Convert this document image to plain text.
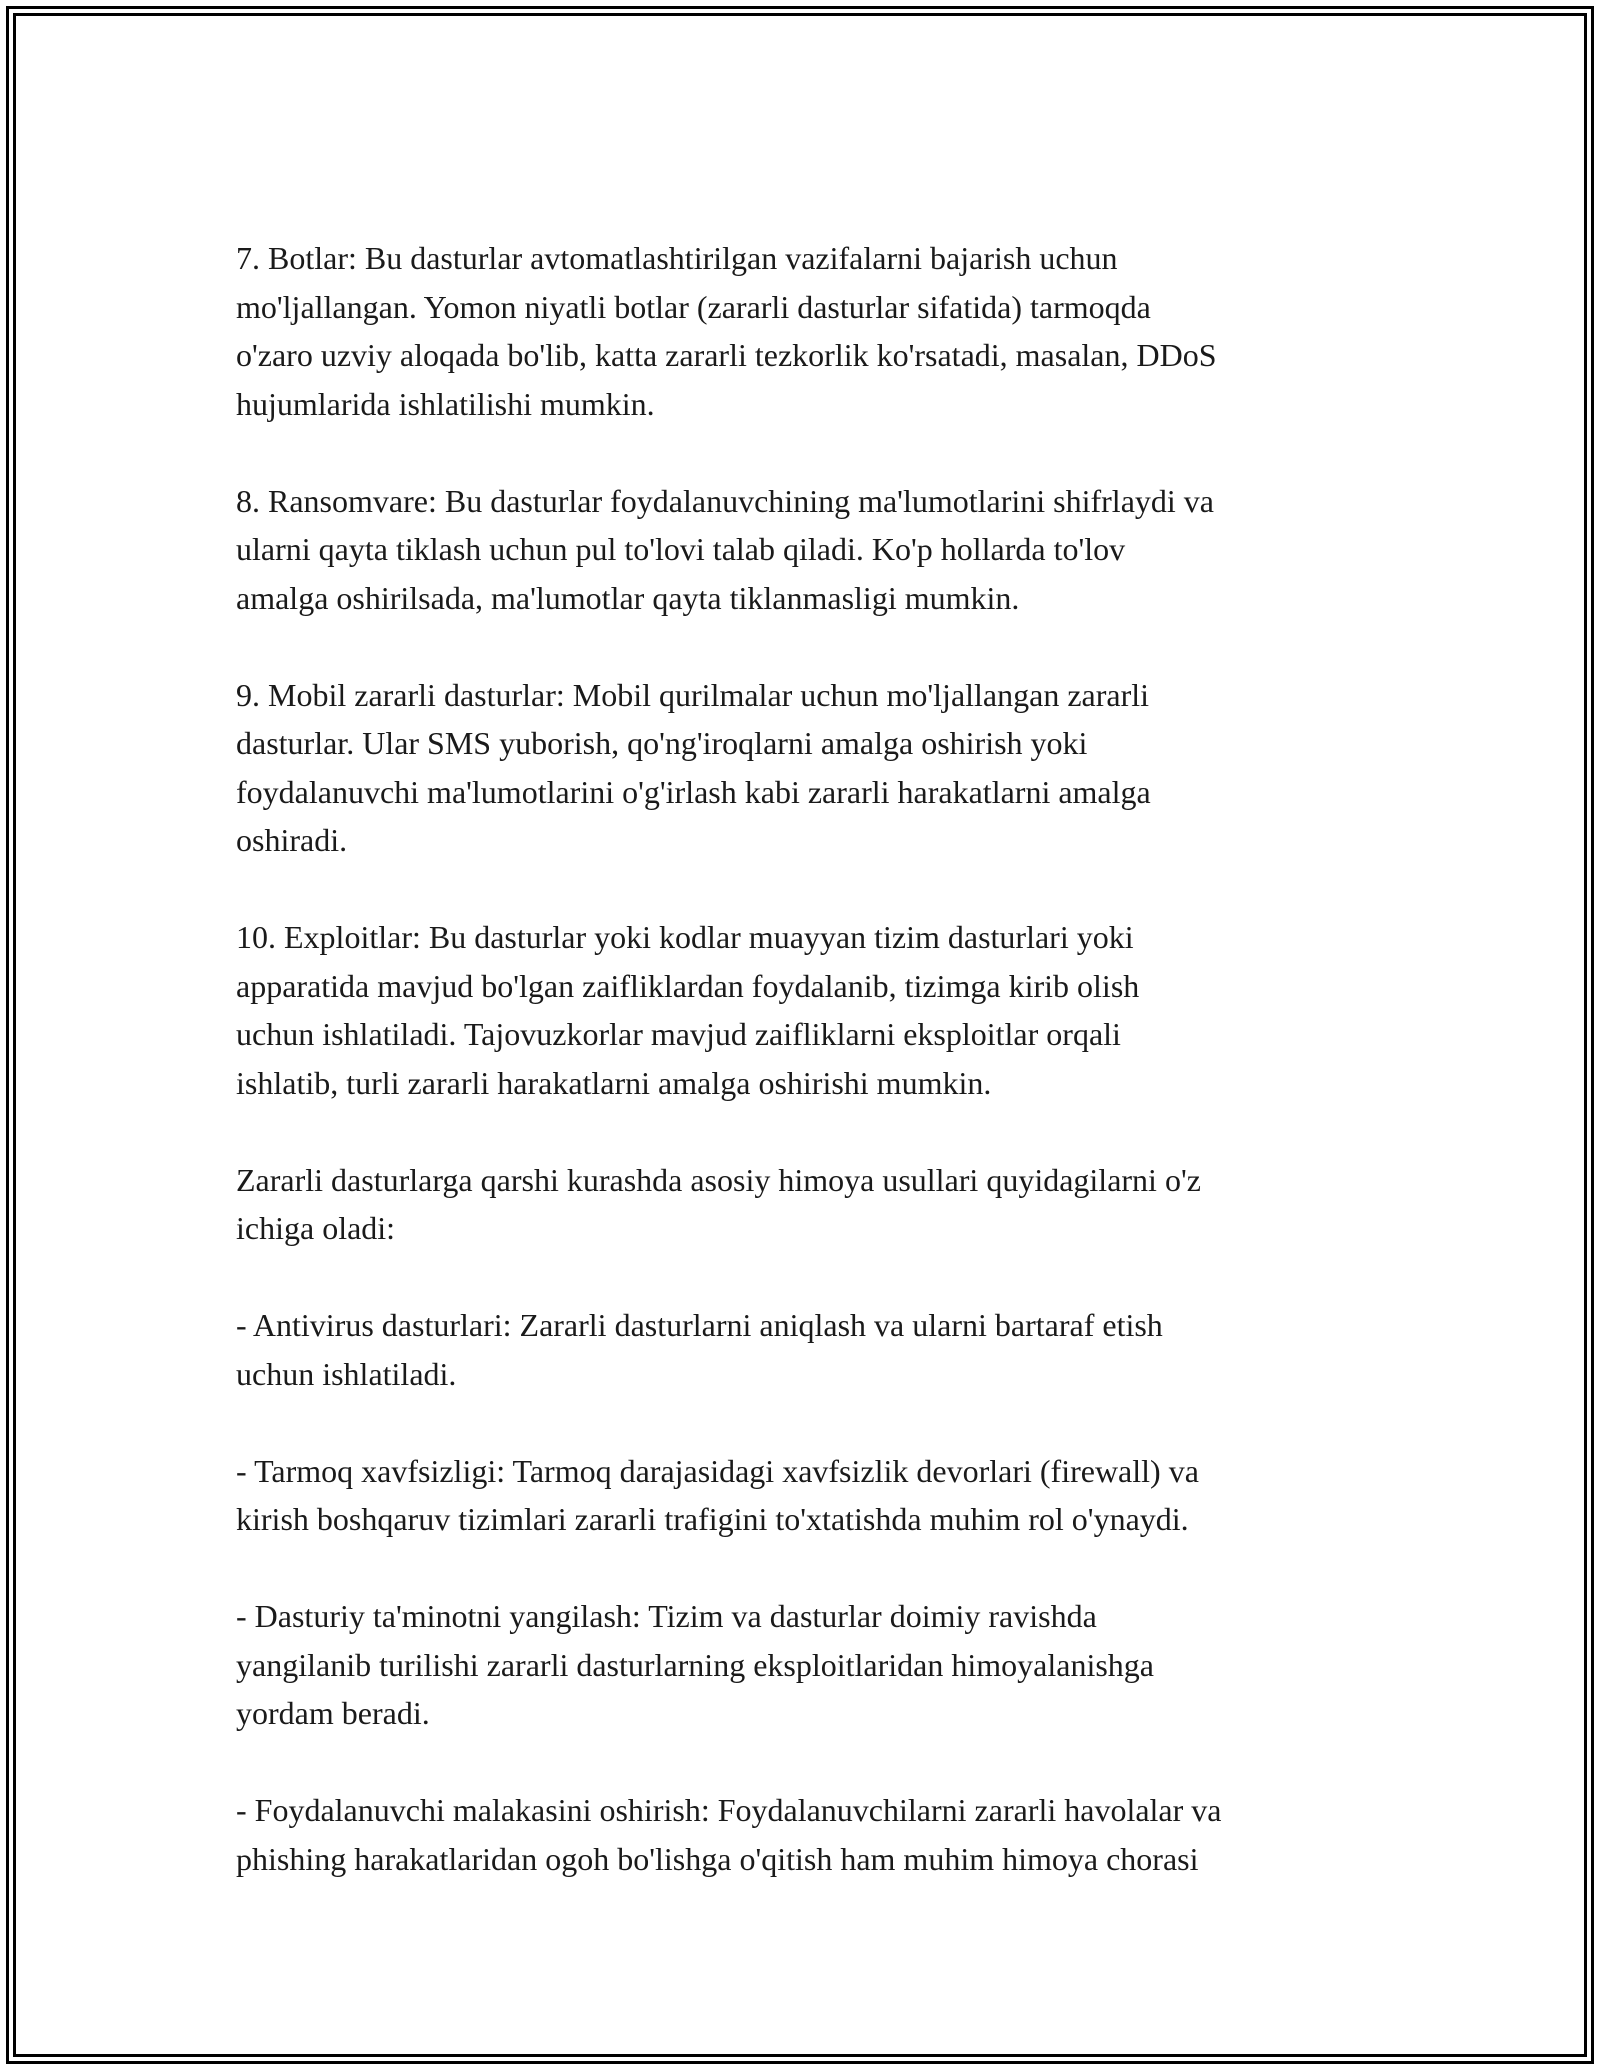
7. Botlar: Bu dasturlar avtomatlashtirilgan vazifalarni bajarish uchun
mo'ljallangan. Yomon niyatli botlar (zararli dasturlar sifatida) tarmoqda
o'zaro uzviy aloqada bo'lib, katta zararli tezkorlik ko'rsatadi, masalan, DDoS
hujumlarida ishlatilishi mumkin.

8. Ransomvare: Bu dasturlar foydalanuvchining ma'lumotlarini shifrlaydi va
ularni qayta tiklash uchun pul to'lovi talab qiladi. Ko'p hollarda to'lov
amalga oshirilsada, ma'lumotlar qayta tiklanmasligi mumkin.

9. Mobil zararli dasturlar: Mobil qurilmalar uchun mo'ljallangan zararli
dasturlar. Ular SMS yuborish, qo'ng'iroqlarni amalga oshirish yoki
foydalanuvchi ma'lumotlarini o'g'irlash kabi zararli harakatlarni amalga
oshiradi.

10. Exploitlar: Bu dasturlar yoki kodlar muayyan tizim dasturlari yoki
apparatida mavjud bo'lgan zaifliklardan foydalanib, tizimga kirib olish
uchun ishlatiladi. Tajovuzkorlar mavjud zaifliklarni eksploitlar orqali
ishlatib, turli zararli harakatlarni amalga oshirishi mumkin.

Zararli dasturlarga qarshi kurashda asosiy himoya usullari quyidagilarni o'z
ichiga oladi:

- Antivirus dasturlari: Zararli dasturlarni aniqlash va ularni bartaraf etish
uchun ishlatiladi.

- Tarmoq xavfsizligi: Tarmoq darajasidagi xavfsizlik devorlari (firewall) va
kirish boshqaruv tizimlari zararli trafigini to'xtatishda muhim rol o'ynaydi.

- Dasturiy ta'minotni yangilash: Tizim va dasturlar doimiy ravishda
yangilanib turilishi zararli dasturlarning eksploitlaridan himoyalanishga
yordam beradi.

- Foydalanuvchi malakasini oshirish: Foydalanuvchilarni zararli havolalar va
phishing harakatlaridan ogoh bo'lishga o'qitish ham muhim himoya chorasi
